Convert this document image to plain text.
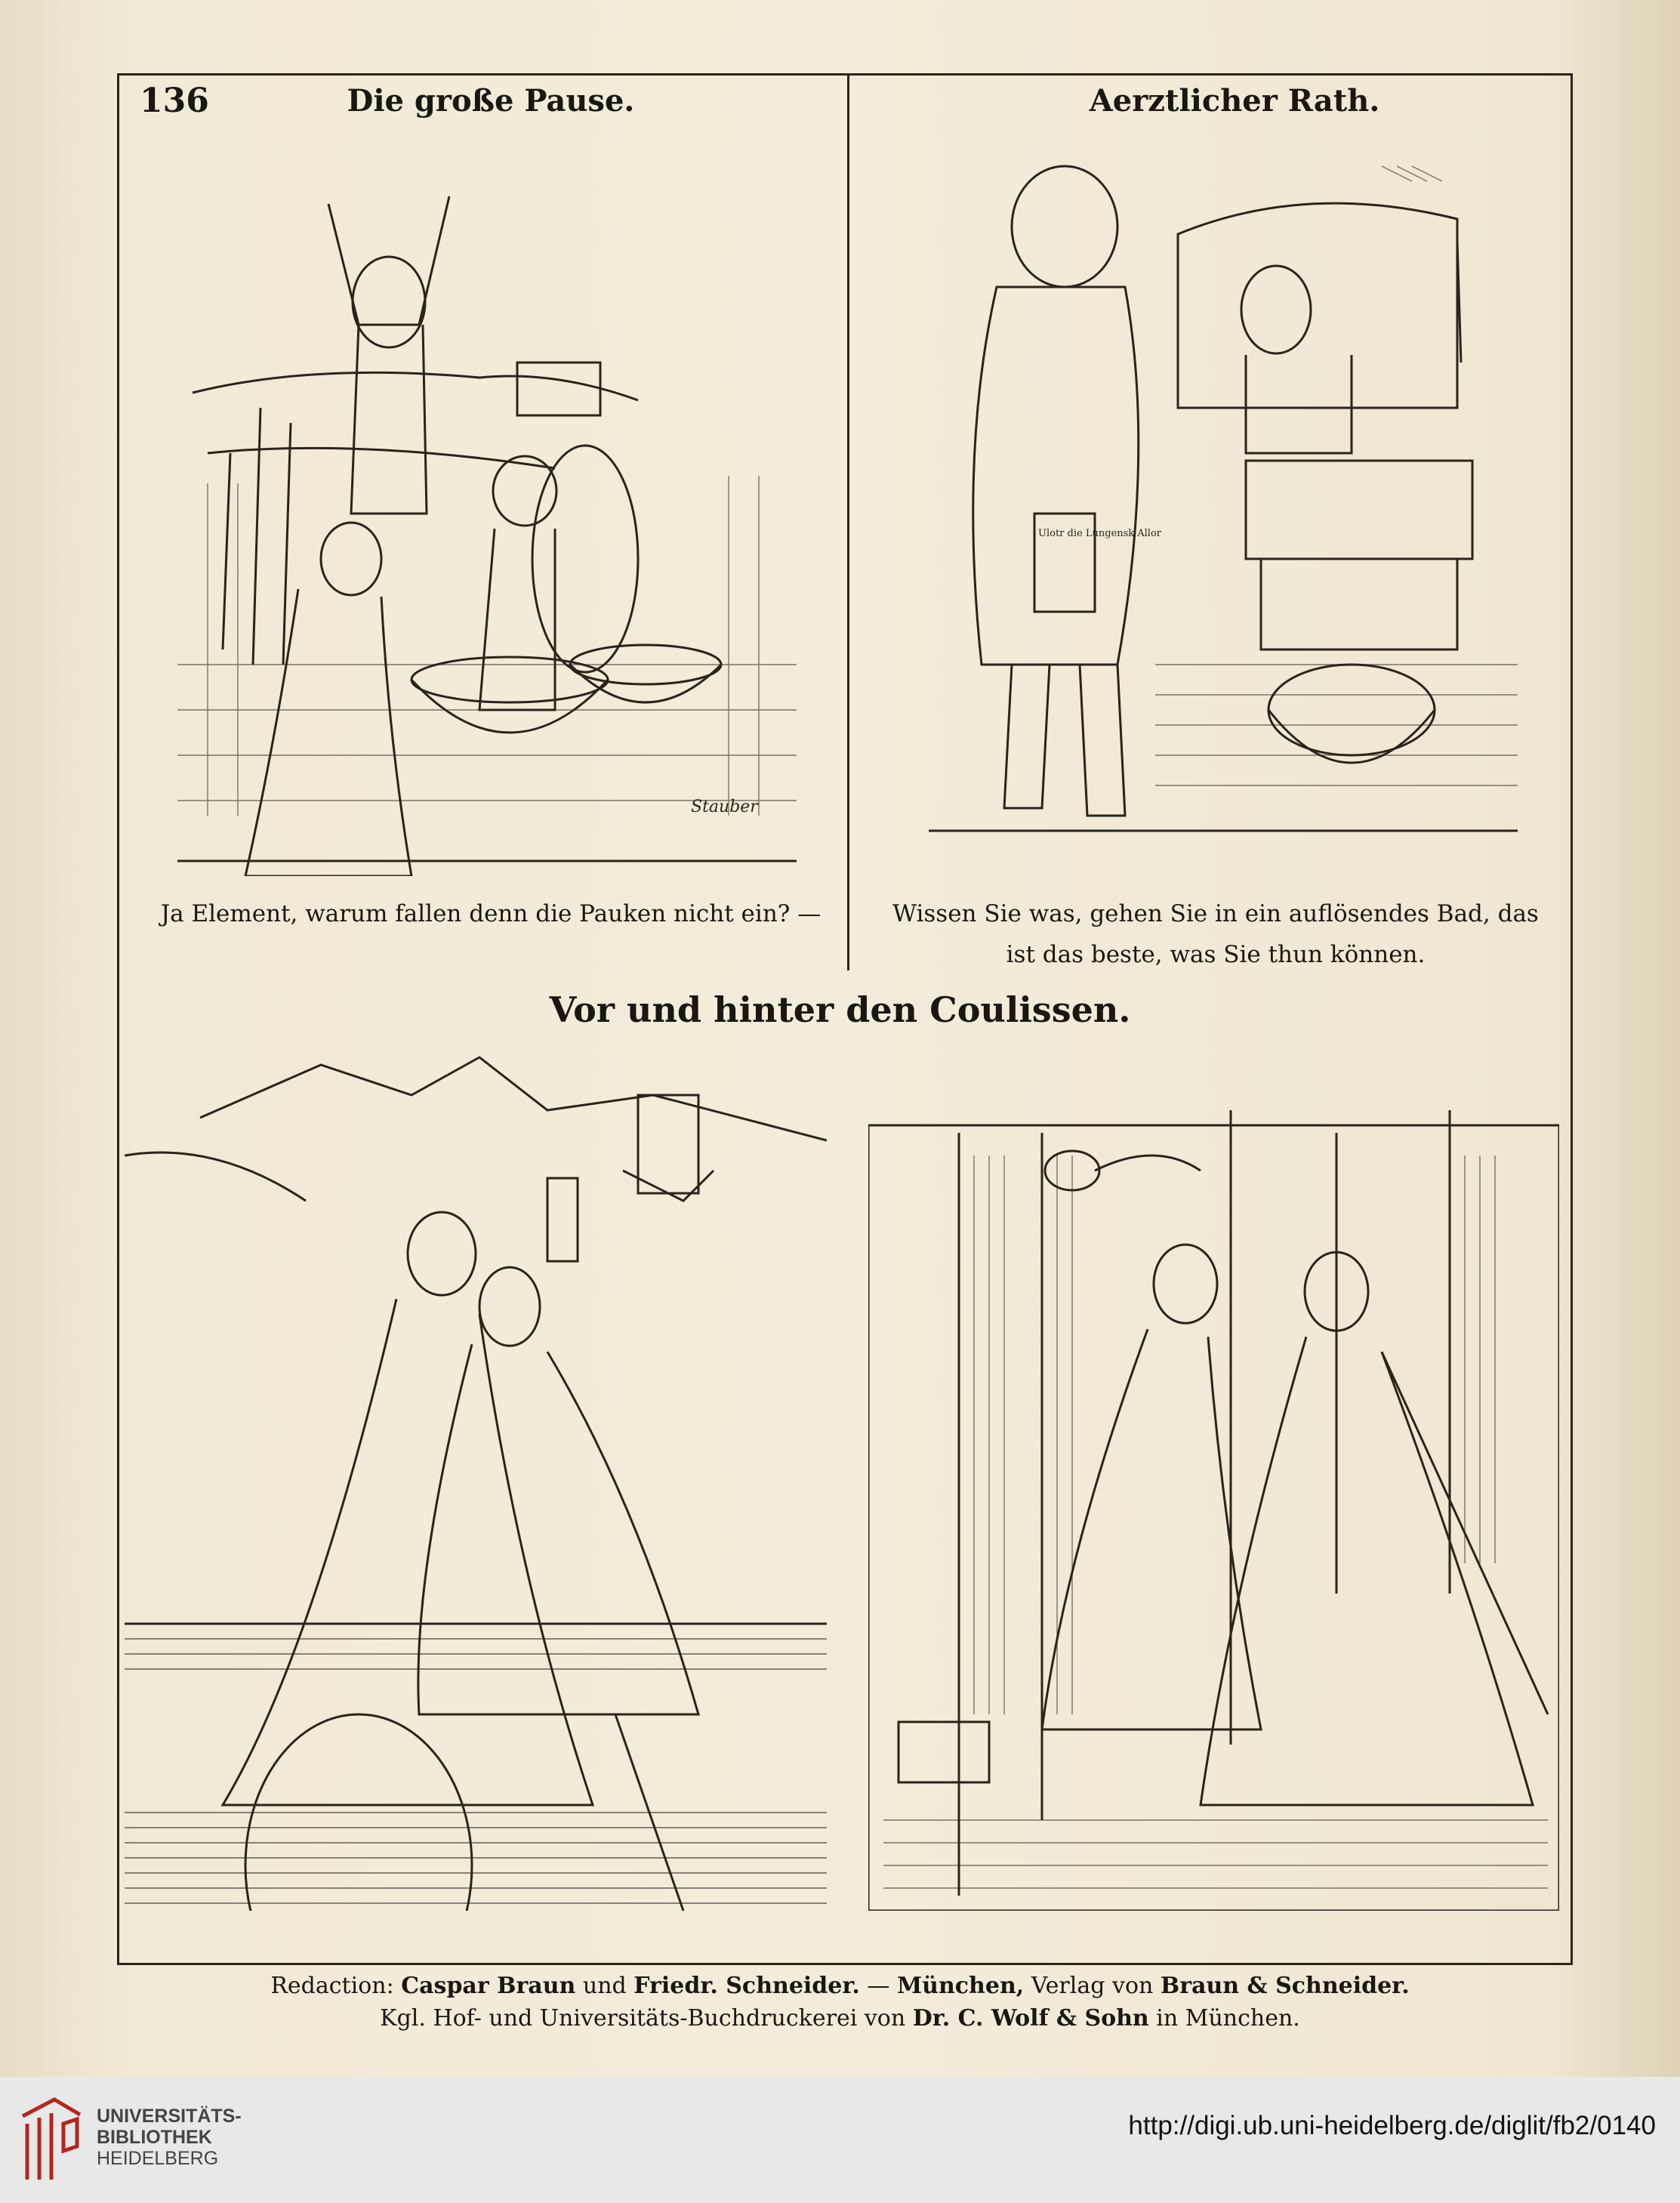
136	Die große Pause.	Aerztlicher Rath.
Stauber
Ulotr die Lungensk Allor
Ja Element, warum fallen denn die Pauken nicht ein? —	Wissen Sie was, gehen Sie in ein auflösendes Bad, das ist das beste, was Sie thun können.
Vor und hinter den Coulissen.
Redaction: Caspar Braun und Friedr. Schneider. — München, Verlag von Braun & Schneider.
Kgl. Hof- und Universitäts-Buchdruckerei von Dr. C. Wolf & Sohn in München.
UNIVERSITÄTS-
BIBLIOTHEK
HEIDELBERG
http://digi.ub.uni-heidelberg.de/diglit/fb2/0140
